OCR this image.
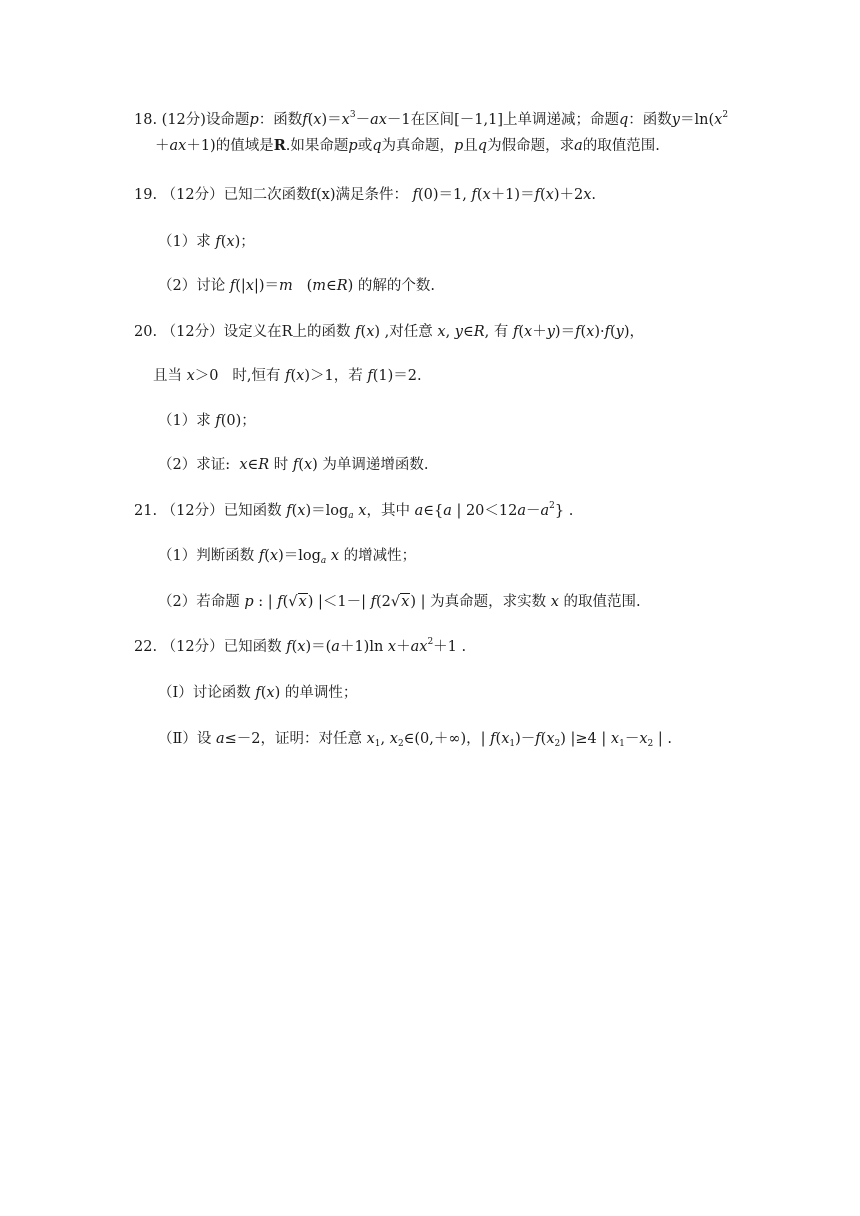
18. (12分)设命题p：函数$f(x)=x^3-ax-1$在区间[－1,1]上单调递减；命题q：函数$y=\ln(x^2$
＋ax＋1)的值域是R.如果命题p或q为真命题，p且q为假命题，求a的取值范围.
19. （12分）已知二次函数f(x)满足条件： f(0)＝1, f(x＋1)＝f(x)＋2x.
（1）求 f(x)；
（2）讨论 f(|x|)＝m   (m∈R) 的解的个数.
20. （12分）设定义在R上的函数 f(x) ,对任意 x, y∈R, 有 f(x＋y)＝f(x)·f(y)，
且当 x＞0   时,恒有 f(x)＞1，若 f(1)＝2.
（1）求 f(0)；
（2）求证:  x∈R 时 f(x) 为单调递增函数.
21. （12分）已知函数 $f(x)=\log_a$ x，其中 a∈{a | $20<12a-a^2$} .
（1）判断函数 $f(x)=\log_a$ x 的增减性；
（2）若命题 p : | f(√x) |＜1－| f(2√x) | 为真命题，求实数 x 的取值范围.
22. （12分）已知函数 f(x)＝(a＋1)ln $x+ax^2+1$ .
（Ⅰ）讨论函数 f(x) 的单调性；
（Ⅱ）设 a≤－2，证明：对任意 $x_1$, $x_2\in(0,+\infty)$，| $f(x_1)-f(x_2)$ |≥4 | $x_1-x_2$ | .
